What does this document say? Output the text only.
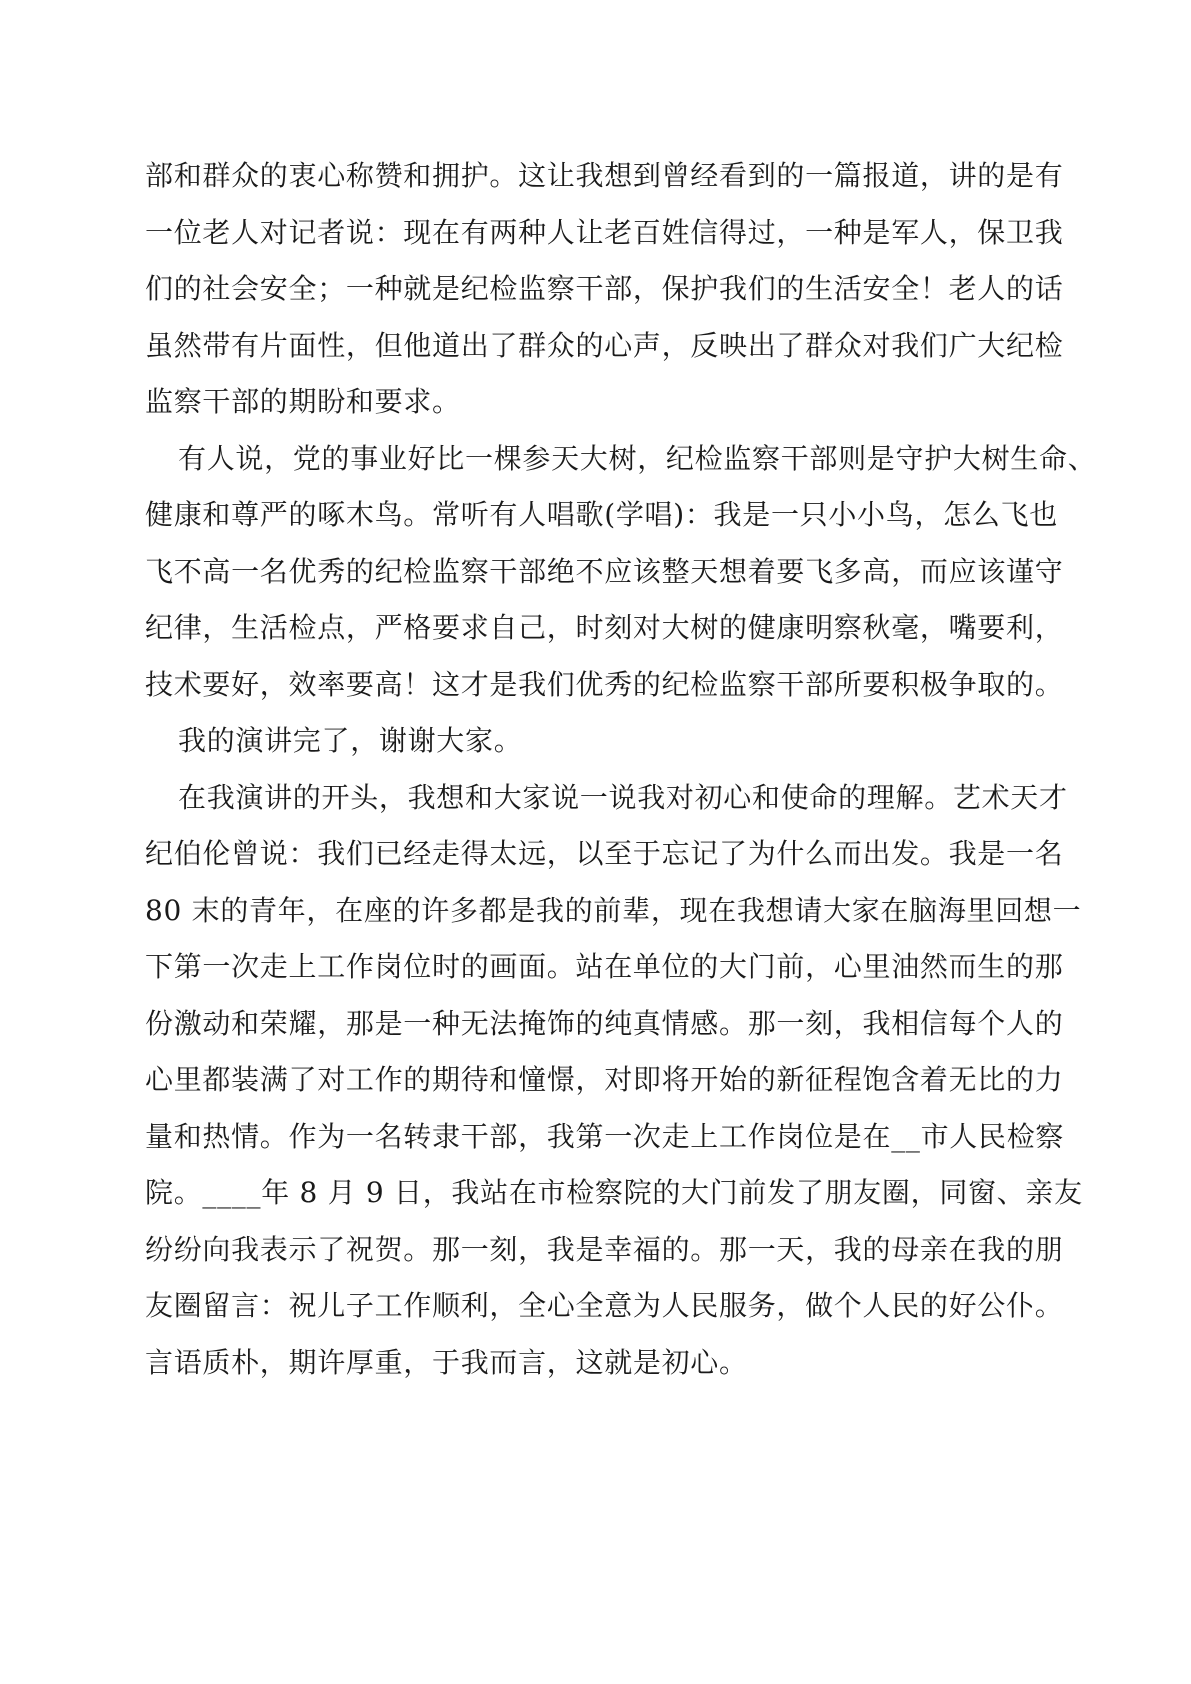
部和群众的衷心称赞和拥护。这让我想到曾经看到的一篇报道，讲的是有
一位老人对记者说：现在有两种人让老百姓信得过，一种是军人，保卫我
们的社会安全；一种就是纪检监察干部，保护我们的生活安全！老人的话
虽然带有片面性，但他道出了群众的心声，反映出了群众对我们广大纪检
监察干部的期盼和要求。
有人说，党的事业好比一棵参天大树，纪检监察干部则是守护大树生命、
健康和尊严的啄木鸟。常听有人唱歌(学唱)：我是一只小小鸟，怎么飞也
飞不高一名优秀的纪检监察干部绝不应该整天想着要飞多高，而应该谨守
纪律，生活检点，严格要求自己，时刻对大树的健康明察秋毫，嘴要利，
技术要好，效率要高！这才是我们优秀的纪检监察干部所要积极争取的。
我的演讲完了，谢谢大家。
在我演讲的开头，我想和大家说一说我对初心和使命的理解。艺术天才
纪伯伦曾说：我们已经走得太远，以至于忘记了为什么而出发。我是一名
80 末的青年，在座的许多都是我的前辈，现在我想请大家在脑海里回想一
下第一次走上工作岗位时的画面。站在单位的大门前，心里油然而生的那
份激动和荣耀，那是一种无法掩饰的纯真情感。那一刻，我相信每个人的
心里都装满了对工作的期待和憧憬，对即将开始的新征程饱含着无比的力
量和热情。作为一名转隶干部，我第一次走上工作岗位是在__市人民检察
院。____年 8 月 9 日，我站在市检察院的大门前发了朋友圈，同窗、亲友
纷纷向我表示了祝贺。那一刻，我是幸福的。那一天，我的母亲在我的朋
友圈留言：祝儿子工作顺利，全心全意为人民服务，做个人民的好公仆。
言语质朴，期许厚重，于我而言，这就是初心。
